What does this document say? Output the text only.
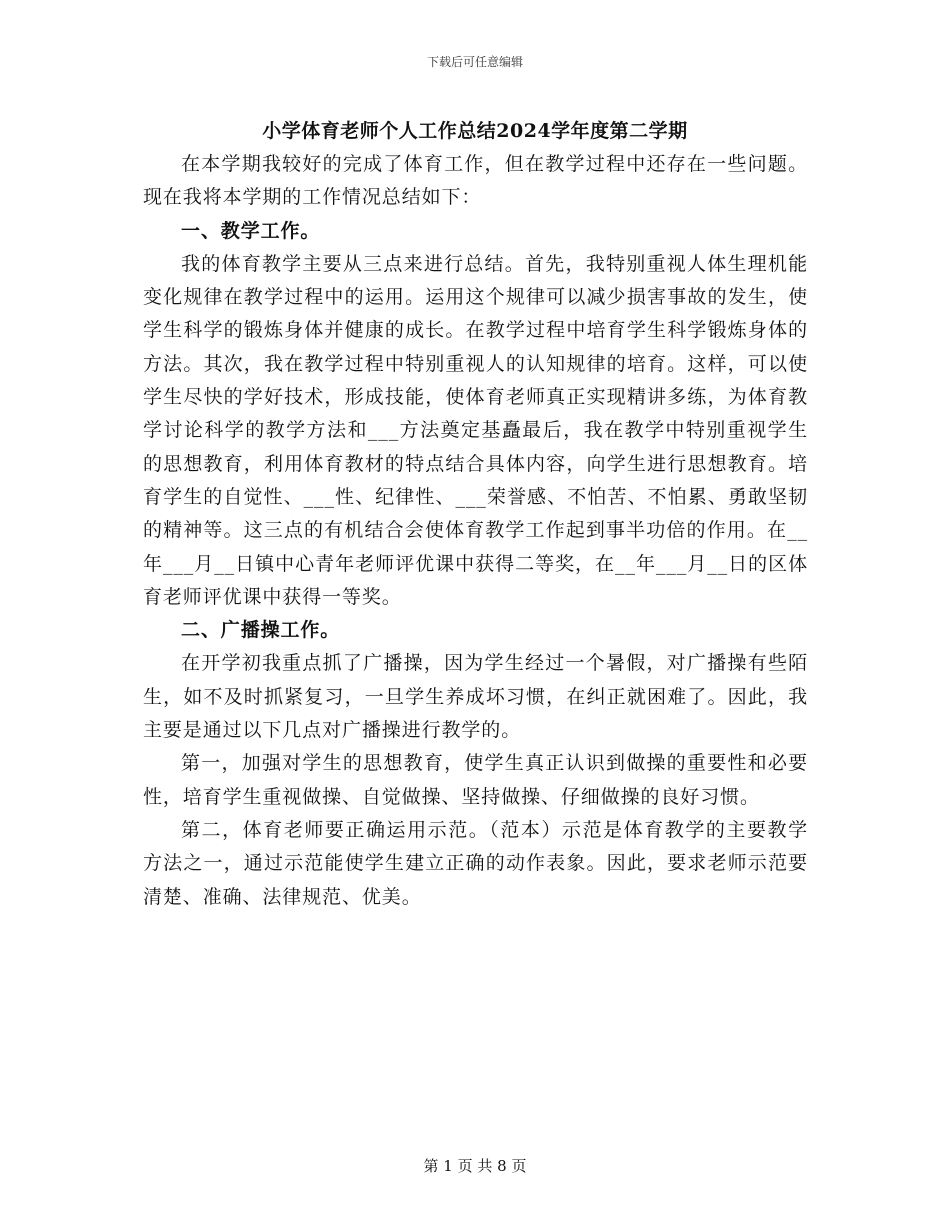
下载后可任意编辑
小学体育老师个人工作总结2024学年度第二学期

在本学期我较好的完成了体育工作，但在教学过程中还存在一些问题。现在我将本学期的工作情况总结如下：

一、教学工作。

我的体育教学主要从三点来进行总结。首先，我特别重视人体生理机能变化规律在教学过程中的运用。运用这个规律可以减少损害事故的发生，使学生科学的锻炼身体并健康的成长。在教学过程中培育学生科学锻炼身体的方法。其次，我在教学过程中特别重视人的认知规律的培育。这样，可以使学生尽快的学好技术，形成技能，使体育老师真正实现精讲多练，为体育教学讨论科学的教学方法和___方法奠定基矗最后，我在教学中特别重视学生的思想教育，利用体育教材的特点结合具体内容，向学生进行思想教育。培育学生的自觉性、___性、纪律性、___荣誉感、不怕苦、不怕累、勇敢坚韧的精神等。这三点的有机结合会使体育教学工作起到事半功倍的作用。在__年___月__日镇中心青年老师评优课中获得二等奖，在__年___月__日的区体育老师评优课中获得一等奖。

二、广播操工作。

在开学初我重点抓了广播操，因为学生经过一个暑假，对广播操有些陌生，如不及时抓紧复习，一旦学生养成坏习惯，在纠正就困难了。因此，我主要是通过以下几点对广播操进行教学的。

第一，加强对学生的思想教育，使学生真正认识到做操的重要性和必要性，培育学生重视做操、自觉做操、坚持做操、仔细做操的良好习惯。

第二，体育老师要正确运用示范。（范本）示范是体育教学的主要教学方法之一，通过示范能使学生建立正确的动作表象。因此，要求老师示范要清楚、准确、法律规范、优美。

第 1 页 共 8 页
